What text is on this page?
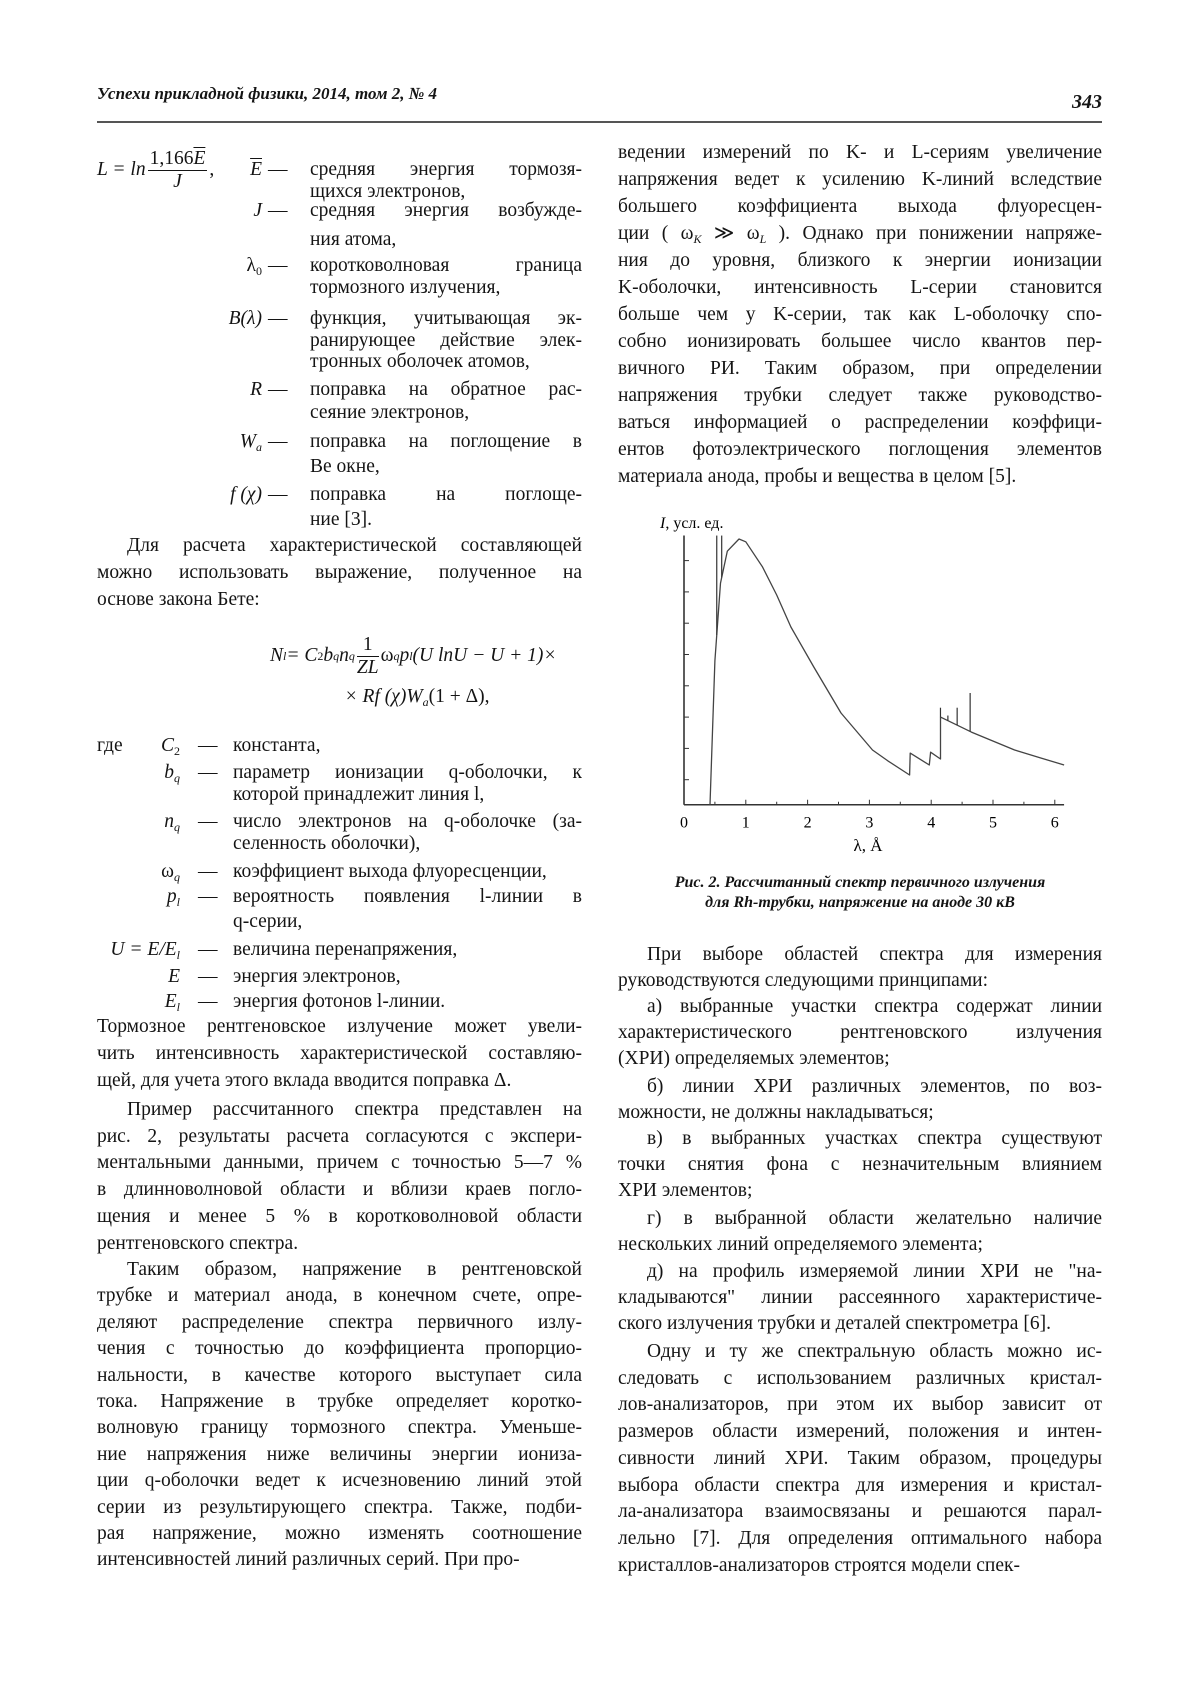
Успехи прикладной физики, 2014, том 2, № 4	343
$L = \ln \frac{1,166\overline{E}}{J}$ ,
N l = C 2 b q n q $\frac{1}{ZL}$ ω q p l (U lnU − U + 1)×
× Rf $(\chi)W_a(1 + \Delta)$,
где
I, усл. ед.
λ, Å
0	1	2	3	4	5	6
Рис. 2. Рассчитанный спектр первичного излучения
для Rh-трубки, напряжение на аноде 30 кВ
$\overline{E}$ — средняя энергия тормозя-
щихся электронов,
J — средняя энергия возбужде-
ния атома,
$\lambda_0$ — коротковолновая граница
тормозного излучения,
B(λ) — функция, учитывающая эк-
ранирующее действие элек-
тронных оболочек атомов,
R — поправка на обратное рас-
сеяние электронов,
$W_a$ — поправка на поглощение в
Be окне,
f (χ) — поправка на поглоще-
ние [3].
Для расчета характеристической составляющей
можно использовать выражение, полученное на
основе закона Бете:
$C_2$ — константа,
$b_q$ — параметр ионизации q-оболочки, к
которой принадлежит линия l,
$n_q$ — число электронов на q-оболочке (за-
селенность оболочки),
$\omega_q$ — коэффициент выхода флуоресценции,
$p_l$ — вероятность появления l-линии в
q-серии,
$U = E/E_l$ — величина перенапряжения,
E — энергия электронов,
$E_l$ — энергия фотонов l-линии.
Тормозное рентгеновское излучение может увели-
чить интенсивность характеристической составляю-
щей, для учета этого вклада вводится поправка Δ.
Пример рассчитанного спектра представлен на
рис. 2, результаты расчета согласуются с экспери-
ментальными данными, причем с точностью 5—7 %
в длинноволновой области и вблизи краев погло-
щения и менее 5 % в коротковолновой области
рентгеновского спектра.
Таким образом, напряжение в рентгеновской
трубке и материал анода, в конечном счете, опре-
деляют распределение спектра первичного излу-
чения с точностью до коэффициента пропорцио-
нальности, в качестве которого выступает сила
тока. Напряжение в трубке определяет коротко-
волновую границу тормозного спектра. Уменьше-
ние напряжения ниже величины энергии иониза-
ции q-оболочки ведет к исчезновению линий этой
серии из результирующего спектра. Также, подби-
рая напряжение, можно изменять соотношение
интенсивностей линий различных серий. При про-
ведении измерений по K- и L-сериям увеличение
напряжения ведет к усилению K-линий вследствие
большего коэффициента выхода флуоресцен-
ции ( $\omega_K$ ≫ $\omega_L$ ). Однако при понижении напряже-
ния до уровня, близкого к энергии ионизации
K-оболочки, интенсивность L-серии становится
больше чем у K-серии, так как L-оболочку спо-
собно ионизировать большее число квантов пер-
вичного РИ. Таким образом, при определении
напряжения трубки следует также руководство-
ваться информацией о распределении коэффици-
ентов фотоэлектрического поглощения элементов
материала анода, пробы и вещества в целом [5].
При выборе областей спектра для измерения
руководствуются следующими принципами:
а) выбранные участки спектра содержат линии
характеристического рентгеновского излучения
(ХРИ) определяемых элементов;
б) линии ХРИ различных элементов, по воз-
можности, не должны накладываться;
в) в выбранных участках спектра существуют
точки снятия фона с незначительным влиянием
ХРИ элементов;
г) в выбранной области желательно наличие
нескольких линий определяемого элемента;
д) на профиль измеряемой линии ХРИ не "на-
кладываются" линии рассеянного характеристиче-
ского излучения трубки и деталей спектрометра [6].
Одну и ту же спектральную область можно ис-
следовать с использованием различных кристал-
лов-анализаторов, при этом их выбор зависит от
размеров области измерений, положения и интен-
сивности линий ХРИ. Таким образом, процедуры
выбора области спектра для измерения и кристал-
ла-анализатора взаимосвязаны и решаются парал-
лельно [7]. Для определения оптимального набора
кристаллов-анализаторов строятся модели спек-
